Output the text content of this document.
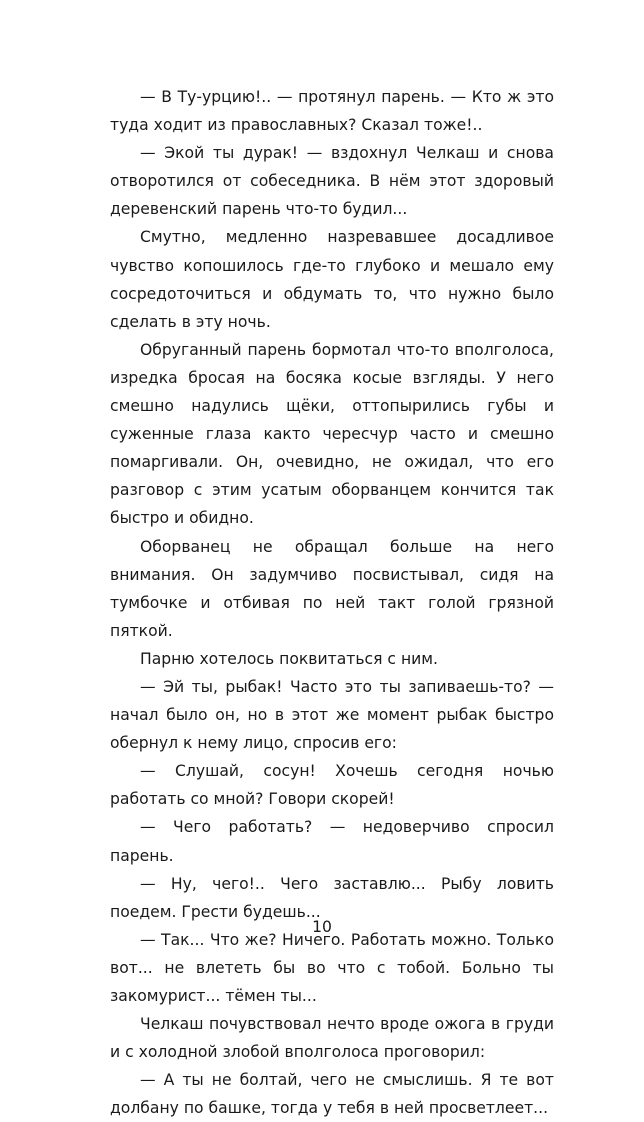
— В Ту-урцию!.. — протянул парень. — Кто ж это туда ходит из православных? Сказал тоже!..

— Экой ты дурак! — вздохнул Челкаш и снова отворотился от собеседника. В нём этот здоровый деревенский парень что-то будил...

Смутно, медленно назревавшее досадливое чувство копошилось где-то глубоко и мешало ему сосредоточиться и обдумать то, что нужно было сделать в эту ночь.

Обруганный парень бормотал что-то вполголоса, изредка бросая на босяка косые взгляды. У него смешно надулись щёки, оттопырились губы и суженные глаза както чересчур часто и смешно помаргивали. Он, очевидно, не ожидал, что его разговор с этим усатым оборванцем кончится так быстро и обидно.

Оборванец не обращал больше на него внимания. Он задумчиво посвистывал, сидя на тумбочке и отбивая по ней такт голой грязной пяткой.

Парню хотелось поквитаться с ним.

— Эй ты, рыбак! Часто это ты запиваешь-то? — начал было он, но в этот же момент рыбак быстро обернул к нему лицо, спросив его:

— Слушай, сосун! Хочешь сегодня ночью работать со мной? Говори скорей!

— Чего работать? — недоверчиво спросил парень.

— Ну, чего!.. Чего заставлю... Рыбу ловить поедем. Грести будешь...

— Так... Что же? Ничего. Работать можно. Только вот... не влететь бы во что с тобой. Больно ты закомурист... тёмен ты...

Челкаш почувствовал нечто вроде ожога в груди и с холодной злобой вполголоса проговорил:

— А ты не болтай, чего не смыслишь. Я те вот долбану по башке, тогда у тебя в ней просветлеет...

10
